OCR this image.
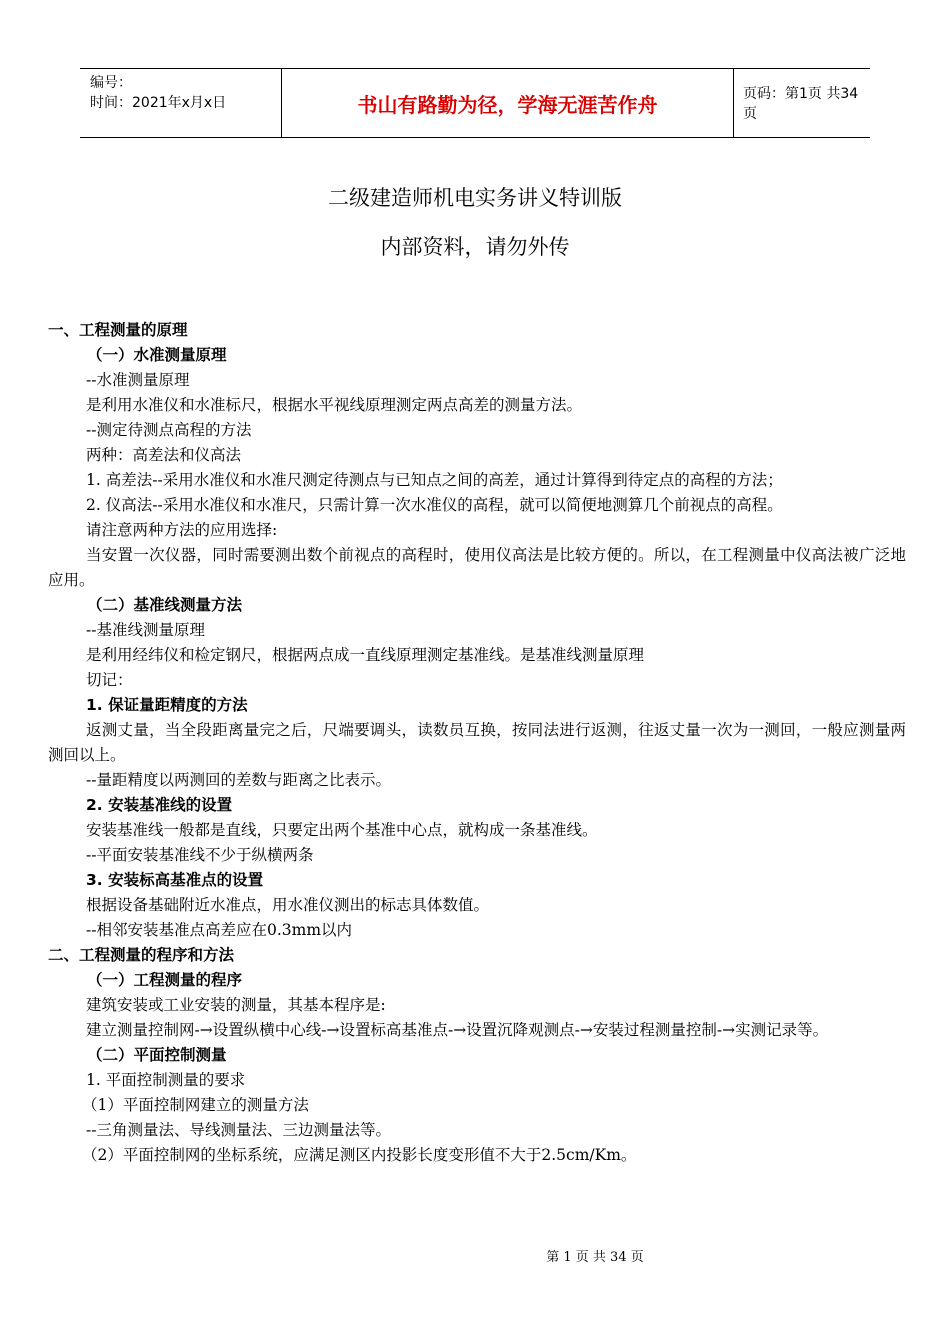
编号：
时间：2021年x月x日	书山有路勤为径，学海无涯苦作舟	页码：第1页 共34页
二级建造师机电实务讲义特训版
内部资料，请勿外传

一、工程测量的原理

（一）水准测量原理

--水准测量原理

是利用水准仪和水准标尺，根据水平视线原理测定两点高差的测量方法。

--测定待测点高程的方法

两种：高差法和仪高法

1. 高差法--采用水准仪和水准尺测定待测点与已知点之间的高差，通过计算得到待定点的高程的方法；

2. 仪高法--采用水准仪和水准尺，只需计算一次水准仪的高程，就可以简便地测算几个前视点的高程。

请注意两种方法的应用选择:

当安置一次仪器，同时需要测出数个前视点的高程时，使用仪高法是比较方便的。所以，在工程测量中仪高法被广泛地应用。

（二）基准线测量方法

--基准线测量原理

是利用经纬仪和检定钢尺，根据两点成一直线原理测定基准线。是基准线测量原理

切记：

1. 保证量距精度的方法

返测丈量，当全段距离量完之后，尺端要调头，读数员互换，按同法进行返测，往返丈量一次为一测回，一般应测量两测回以上。

--量距精度以两测回的差数与距离之比表示。

2. 安装基准线的设置

安装基准线一般都是直线，只要定出两个基准中心点，就构成一条基准线。

--平面安装基准线不少于纵横两条

3. 安装标高基准点的设置

根据设备基础附近水准点，用水准仪测出的标志具体数值。

--相邻安装基准点高差应在0.3mm以内

二、工程测量的程序和方法

（一）工程测量的程序

建筑安装或工业安装的测量，其基本程序是:

建立测量控制网-→设置纵横中心线-→设置标高基准点-→设置沉降观测点-→安装过程测量控制-→实测记录等。

（二）平面控制测量

1. 平面控制测量的要求

（1）平面控制网建立的测量方法

--三角测量法、导线测量法、三边测量法等。

（2）平面控制网的坐标系统，应满足测区内投影长度变形值不大于2.5cm/Km。

第 1 页 共 34 页
